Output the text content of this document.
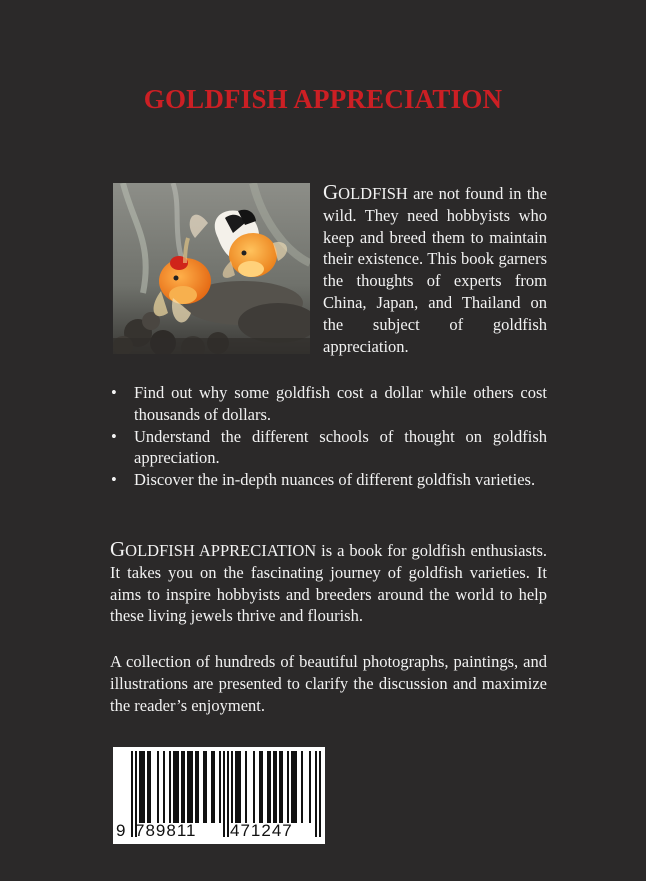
GOLDFISH APPRECIATION
GOLDFISH are not found in the wild. They need hobbyists who keep and breed them to maintain their existence. This book garners the thoughts of experts from China, Japan, and Thailand on the subject of goldfish appreciation.
• Find out why some goldfish cost a dollar while others cost thousands of dollars.
• Understand the different schools of thought on goldfish appreciation.
• Discover the in-depth nuances of different goldfish varieties.
GOLDFISH APPRECIATION is a book for goldfish enthusiasts. It takes you on the fascinating journey of goldfish varieties. It aims to inspire hobbyists and breeders around the world to help these living jewels thrive and flourish.
A collection of hundreds of beautiful photographs, paintings, and illustrations are presented to clarify the discussion and maximize the reader’s enjoyment.
9 789811 471247
